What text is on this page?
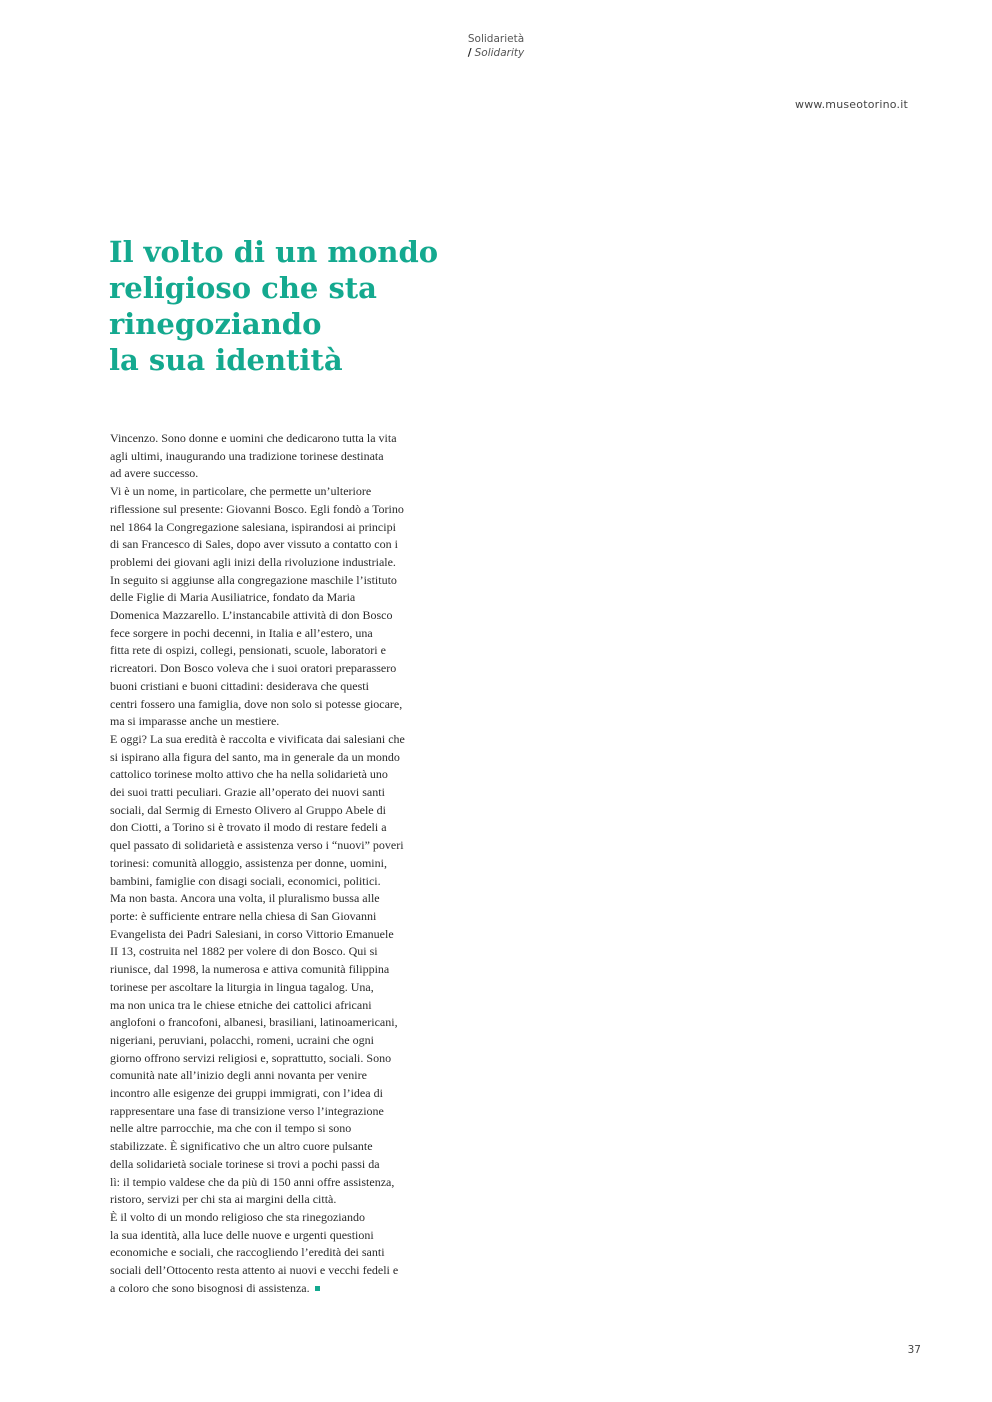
Solidarietà
/ Solidarity
www.museotorino.it
Il volto di un mondo
religioso che sta
rinegoziando
la sua identità
Vincenzo. Sono donne e uomini che dedicarono tutta la vita
agli ultimi, inaugurando una tradizione torinese destinata
ad avere successo.
Vi è un nome, in particolare, che permette un’ulteriore
riflessione sul presente: Giovanni Bosco. Egli fondò a Torino
nel 1864 la Congregazione salesiana, ispirandosi ai principi
di san Francesco di Sales, dopo aver vissuto a contatto con i
problemi dei giovani agli inizi della rivoluzione industriale.
In seguito si aggiunse alla congregazione maschile l’istituto
delle Figlie di Maria Ausiliatrice, fondato da Maria
Domenica Mazzarello. L’instancabile attività di don Bosco
fece sorgere in pochi decenni, in Italia e all’estero, una
fitta rete di ospizi, collegi, pensionati, scuole, laboratori e
ricreatori. Don Bosco voleva che i suoi oratori preparassero
buoni cristiani e buoni cittadini: desiderava che questi
centri fossero una famiglia, dove non solo si potesse giocare,
ma si imparasse anche un mestiere.
E oggi? La sua eredità è raccolta e vivificata dai salesiani che
si ispirano alla figura del santo, ma in generale da un mondo
cattolico torinese molto attivo che ha nella solidarietà uno
dei suoi tratti peculiari. Grazie all’operato dei nuovi santi
sociali, dal Sermig di Ernesto Olivero al Gruppo Abele di
don Ciotti, a Torino si è trovato il modo di restare fedeli a
quel passato di solidarietà e assistenza verso i “nuovi” poveri
torinesi: comunità alloggio, assistenza per donne, uomini,
bambini, famiglie con disagi sociali, economici, politici.
Ma non basta. Ancora una volta, il pluralismo bussa alle
porte: è sufficiente entrare nella chiesa di San Giovanni
Evangelista dei Padri Salesiani, in corso Vittorio Emanuele
II 13, costruita nel 1882 per volere di don Bosco. Qui si
riunisce, dal 1998, la numerosa e attiva comunità filippina
torinese per ascoltare la liturgia in lingua tagalog. Una,
ma non unica tra le chiese etniche dei cattolici africani
anglofoni o francofoni, albanesi, brasiliani, latinoamericani,
nigeriani, peruviani, polacchi, romeni, ucraini che ogni
giorno offrono servizi religiosi e, soprattutto, sociali. Sono
comunità nate all’inizio degli anni novanta per venire
incontro alle esigenze dei gruppi immigrati, con l’idea di
rappresentare una fase di transizione verso l’integrazione
nelle altre parrocchie, ma che con il tempo si sono
stabilizzate. È significativo che un altro cuore pulsante
della solidarietà sociale torinese si trovi a pochi passi da
lì: il tempio valdese che da più di 150 anni offre assistenza,
ristoro, servizi per chi sta ai margini della città.
È il volto di un mondo religioso che sta rinegoziando
la sua identità, alla luce delle nuove e urgenti questioni
economiche e sociali, che raccogliendo l’eredità dei santi
sociali dell’Ottocento resta attento ai nuovi e vecchi fedeli e
a coloro che sono bisognosi di assistenza.
37
